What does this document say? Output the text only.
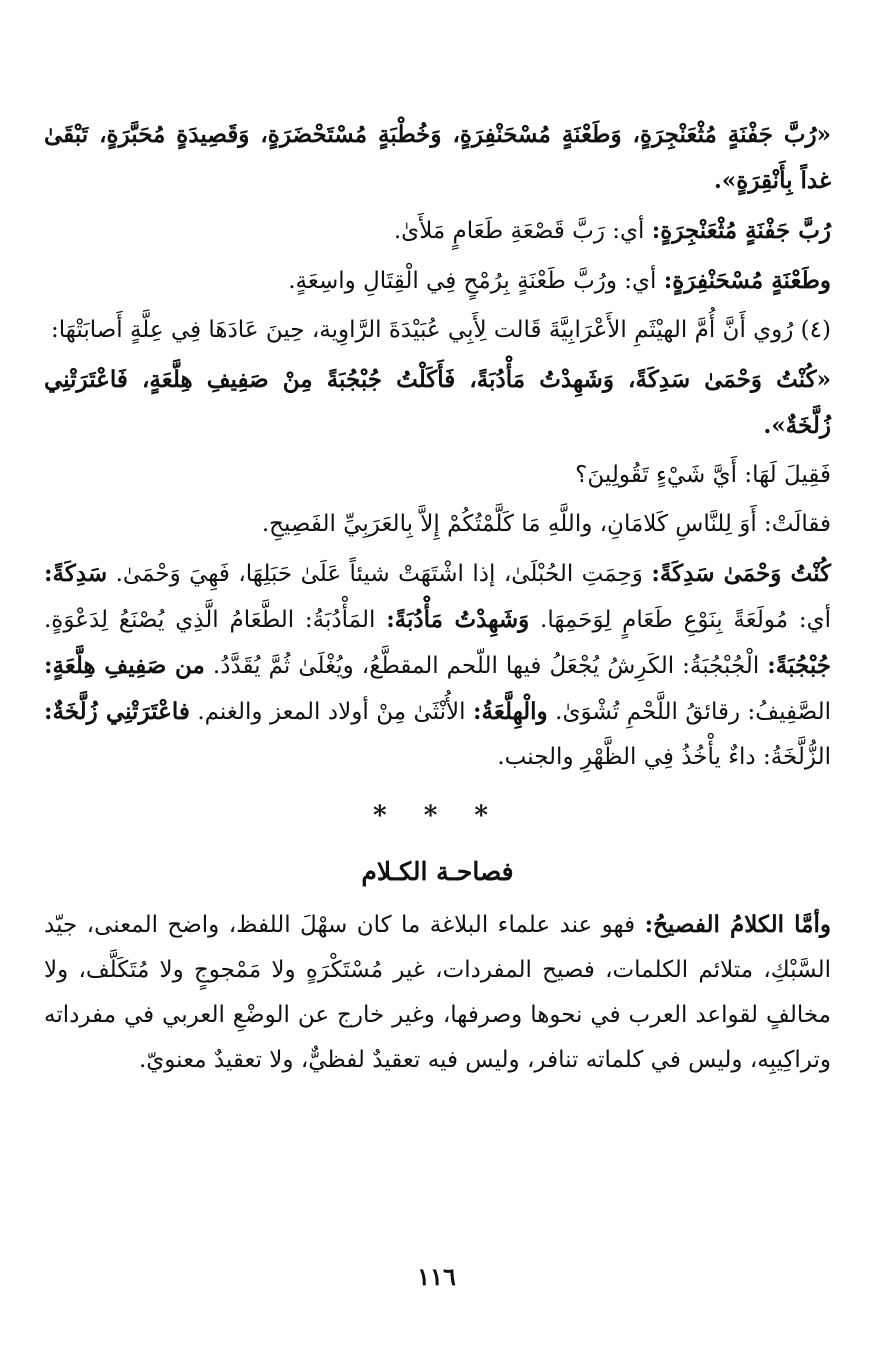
«رُبَّ جَفْنَةٍ مُثْعَنْجِرَةٍ، وَطَعْنَةٍ مُسْحَنْفِرَةٍ، وَخُطْبَةٍ مُسْتَحْضَرَةٍ، وَقَصِيدَةٍ مُحَبَّرَةٍ، تَبْقَىٰ غداً بِأَنْقِرَةٍ».

رُبَّ جَفْنَةٍ مُثْعَنْجِرَةٍ: أي: رَبَّ قَصْعَةِ طَعَامٍ مَلأَىٰ.

وطَعْنَةٍ مُسْحَنْفِرَةٍ: أي: ورُبَّ طَعْنَةٍ بِرُمْحٍ فِي الْقِتَالِ واسِعَةٍ.

(٤) رُوي أَنَّ أُمَّ الهيْثَمِ الأَعْرَابِيَّةَ قَالت لِأَبِي عُبَيْدَةَ الرَّاوِية، حِينَ عَادَهَا فِي عِلَّةٍ أَصابَتْهَا:

«كُنْتُ وَحْمَىٰ سَدِكَةً، وَشَهِدْتُ مَأْدُبَةً، فَأَكَلْتُ جُبْجُبَةً مِنْ صَفِيفِ هِلَّعَةٍ، فَاعْتَرَتْنِي زُلَّخَةٌ».

فَقِيلَ لَهَا: أَيَّ شَيْءٍ تَقُولِينَ؟

فقالَتْ: أَوَ لِلنَّاسِ كَلامَانِ، واللَّهِ مَا كَلَّمْتُكُمْ إِلاَّ بِالعَرَبِيِّ الفَصِيحِ.

كُنْتُ وَحْمَىٰ سَدِكَةً: وَحِمَتِ الحُبْلَىٰ، إذا اشْتَهَتْ شيئاً عَلَىٰ حَبَلِهَا، فَهِيَ وَحْمَىٰ. سَدِكَةً: أي: مُولَعَةً بِنَوْعِ طَعَامٍ لِوَحَمِهَا. وَشَهِدْتُ مَأْدُبَةً: المَأْدُبَةُ: الطَّعَامُ الَّذِي يُصْنَعُ لِدَعْوَةٍ. جُبْجُبَةً: الْجُبْجُبَةُ: الكَرِشُ يُجْعَلُ فيها اللّحم المقطَّعُ، ويُغْلَىٰ ثُمَّ يُقَدَّدُ. من صَفِيفِ هِلَّعَةٍ: الصَّفِيفُ: رقائقُ اللَّحْمِ تُشْوَىٰ. والْهِلَّعَةُ: الأُنْثَىٰ مِنْ أولاد المعز والغنم. فاعْتَرَتْنِي زُلَّخَةٌ: الزُّلَّخَةُ: داءٌ يأْخُذُ فِي الظَّهْرِ والجنب.

* * *
فصاحـة الكـلام

وأمَّا الكلامُ الفصيحُ: فهو عند علماء البلاغة ما كان سهْلَ اللفظ، واضح المعنى، جيّد السَّبْكِ، متلائم الكلمات، فصيح المفردات، غير مُسْتَكْرَهٍ ولا مَمْجوجٍ ولا مُتَكَلَّف، ولا مخالفٍ لقواعد العرب في نحوها وصرفها، وغير خارج عن الوضْعِ العربي في مفرداته وتراكِيبِه، وليس في كلماته تنافر، وليس فيه تعقيدٌ لفظيٌّ، ولا تعقيدٌ معنويّ.

١١٦
